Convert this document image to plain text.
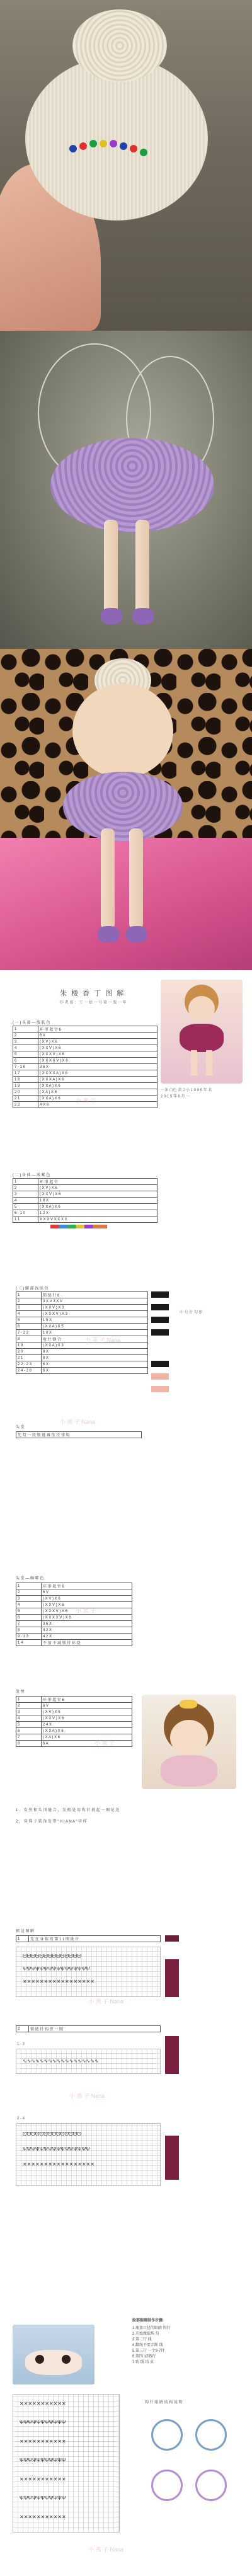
朱 楼 香 丁 图 解
作 者 招 ： 王 一 姑 一 号 第 一 版 一 年
一条 白色 款 2 小 1 9 9 5 年 共
2 0 1 5 年 6 月 一
( 一 ) 头 部 — 浅 肤 色
1	环 形 起 针 6
2	6 X
3	( X V ) X 6
4	( X X V ) X 6
5	( X X X V ) X 6
6	( X X X X V ) X 6
7 - 1 6	3 6 X
1 7	( X X X X A ) X 6
1 8	( X X X A ) X 6
1 9	( X X A ) X 6
2 0	( X A ) X 6
2 1	( X X A ) X 6
2 2	A X 6
( 二 ) 身 体 — 浅 紫 色
1	环 形 起 针
2	( X V ) X 6
3	( X X V ) X 6
4	1 8 X
5	( X X A ) X 6
6 - 1 0	1 2 X
1 1	X X X V X X X X
小 燕 子
( 三 ) 腿 部 浅 肤 色
1	锁 链 针 6
2	3 X V 3 X V
3	( X X V ) X 3
4	( X X X V ) X 3
5	1 5 X
6	( X X A ) X 5
7 - 2 2	1 0 X
8	收 针 缝 合
1 9	( X X A ) X 3
2 0	9 X
2 1	8 X
2 2 - 2 3	6 X
2 4 - 2 8	6 X
中 号 针 勾 织
头 发
先 勾 一 段 锁 链 再 依 次 排 钩
小 燕 子 Nana
小 燕 子 Nana
头 发 — 咖 啡 色
1	环 形 起 针 6
2	6 V
3	( X V ) X 6
4	( X X V ) X 6
5	( X X X V ) X 6
6	( X X X X V ) X 6
7	3 6 X
8	4 2 X
9 - 1 3	4 2 X
1 4	不 加 不 减 锁 针 环 绕
发 髻
1	环 形 起 针 6
2	6 V
3	( X V ) X 6
4	( X X V ) X 6
5	2 4 X
6	( X X A ) X 6
7	( X A ) X 6
8	6 A
1 、 发 髻 和 头 顶 缝 合 ， 发 根 处 用 钩 针 挑 起 一 圈 花 边
2 、 穿 珠 子 装 饰 发 带 “ H I A N A ” 字 样
小 燕 子
小 燕 子
裙 边 图 解
1	先 在 身 体 的 第 1 1 圈 挑 针
ᗢᗢᗢᗢᗢᗢᗢᗢᗢᗢᗢᗢᗢᗢ
ΨΨΨΨΨΨΨΨΨΨΨΨΨΨΨΨ
✕✕✕✕✕✕✕✕✕✕✕✕✕✕✕✕✕
2	锁 链 针 钩 织 一 圈
1 - 3
∿∿∿∿∿∿∿∿∿∿∿∿∿∿∿∿∿∿
2 - 4
ᗢᗢᗢᗢᗢᗢᗢᗢᗢᗢᗢᗢᗢᗢ
ΨΨΨΨΨΨΨΨΨΨΨΨΨΨΨΨ
✕✕✕✕✕✕✕✕✕✕✕✕✕✕✕✕✕
小 燕 子 Nana
小 燕 子 Nana
脸部眼睛制作步骤:
1.瓶盖口径的眼睛 钩针
2.开始做眼珠 勾
3.第二行 线
4.翻绳不要弄断 线
5.第三行 一个3-7针
6.第四 1到5行
7.钩 线 结 束
✕✕✕✕✕✕✕✕✕✕✕
ΨΨΨΨΨΨΨΨΨΨΨ
✕✕✕✕✕✕✕✕✕✕✕
ΨΨΨΨΨΨΨΨΨΨΨ
✕✕✕✕✕✕✕✕✕✕✕
ΨΨΨΨΨΨΨΨΨΨΨ
✕✕✕✕✕✕✕✕✕✕✕
钩 针 眼 睛 结 构 说 明
小 燕 子 Nana
